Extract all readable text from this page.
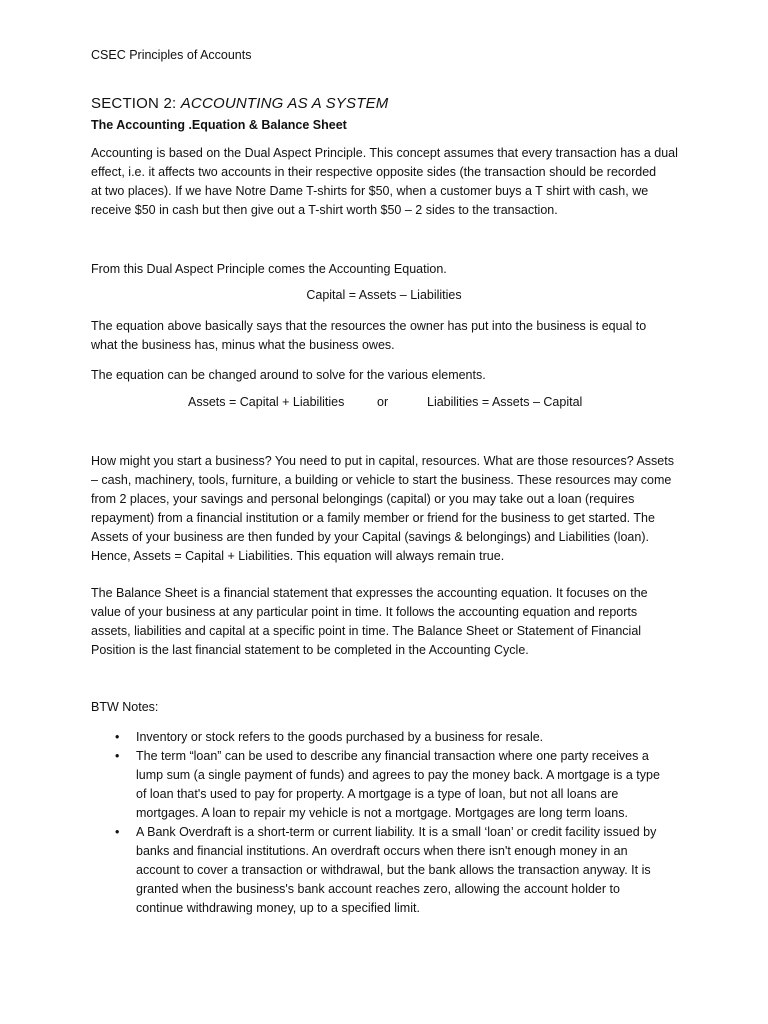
CSEC Principles of Accounts
SECTION 2: ACCOUNTING AS A SYSTEM
The Accounting .Equation & Balance Sheet
Accounting is based on the Dual Aspect Principle. This concept assumes that every transaction has a dual
effect, i.e. it affects two accounts in their respective opposite sides (the transaction should be recorded
at two places). If we have Notre Dame T-shirts for $50, when a customer buys a T shirt with cash, we
receive $50 in cash but then give out a T-shirt worth $50 – 2 sides to the transaction.
From this Dual Aspect Principle comes the Accounting Equation.
Capital = Assets – Liabilities
The equation above basically says that the resources the owner has put into the business is equal to
what the business has, minus what the business owes.
The equation can be changed around to solve for the various elements.
Assets = Capital + Liabilities	or	Liabilities = Assets – Capital
How might you start a business? You need to put in capital, resources. What are those resources? Assets
– cash, machinery, tools, furniture, a building or vehicle to start the business. These resources may come
from 2 places, your savings and personal belongings (capital) or you may take out a loan (requires
repayment) from a financial institution or a family member or friend for the business to get started. The
Assets of your business are then funded by your Capital (savings & belongings) and Liabilities (loan).
Hence, Assets = Capital + Liabilities. This equation will always remain true.
The Balance Sheet is a financial statement that expresses the accounting equation. It focuses on the
value of your business at any particular point in time. It follows the accounting equation and reports
assets, liabilities and capital at a specific point in time. The Balance Sheet or Statement of Financial
Position is the last financial statement to be completed in the Accounting Cycle.
BTW Notes:
• Inventory or stock refers to the goods purchased by a business for resale.
• The term “loan” can be used to describe any financial transaction where one party receives a
lump sum (a single payment of funds) and agrees to pay the money back. A mortgage is a type
of loan that's used to pay for property. A mortgage is a type of loan, but not all loans are
mortgages. A loan to repair my vehicle is not a mortgage. Mortgages are long term loans.
• A Bank Overdraft is a short-term or current liability. It is a small ‘loan’ or credit facility issued by
banks and financial institutions. An overdraft occurs when there isn't enough money in an
account to cover a transaction or withdrawal, but the bank allows the transaction anyway. It is
granted when the business's bank account reaches zero, allowing the account holder to
continue withdrawing money, up to a specified limit.
